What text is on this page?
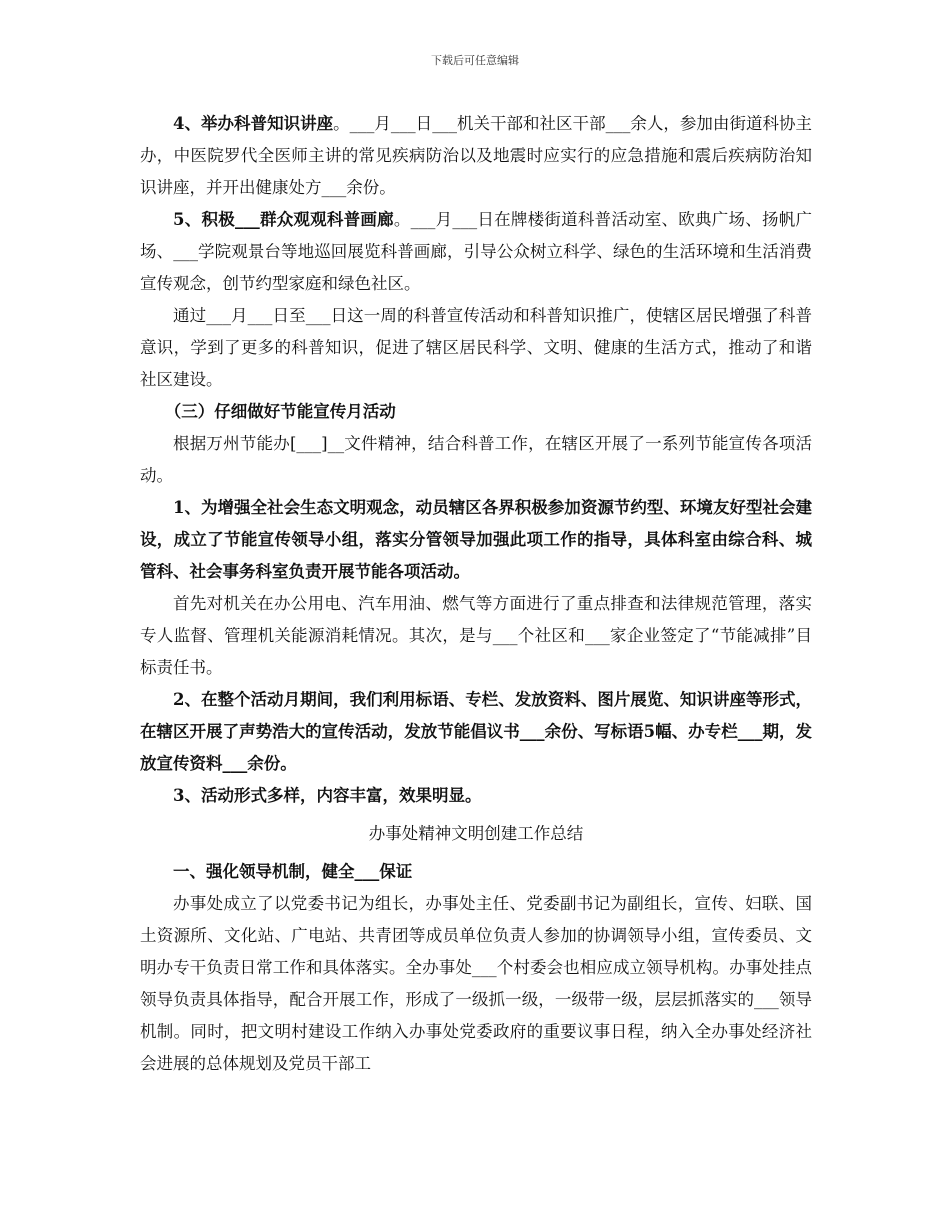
下载后可任意编辑

4、举办科普知识讲座。___月___日___机关干部和社区干部___余人，参加由街道科协主办，中医院罗代全医师主讲的常见疾病防治以及地震时应实行的应急措施和震后疾病防治知识讲座，并开出健康处方___余份。

5、积极___群众观观科普画廊。___月___日在牌楼街道科普活动室、欧典广场、扬帆广场、___学院观景台等地巡回展览科普画廊，引导公众树立科学、绿色的生活环境和生活消费宣传观念，创节约型家庭和绿色社区。

通过___月___日至___日这一周的科普宣传活动和科普知识推广，使辖区居民增强了科普意识，学到了更多的科普知识，促进了辖区居民科学、文明、健康的生活方式，推动了和谐社区建设。

（三）仔细做好节能宣传月活动

根据万州节能办[___]__文件精神，结合科普工作，在辖区开展了一系列节能宣传各项活动。

1、为增强全社会生态文明观念，动员辖区各界积极参加资源节约型、环境友好型社会建设，成立了节能宣传领导小组，落实分管领导加强此项工作的指导，具体科室由综合科、城管科、社会事务科室负责开展节能各项活动。

首先对机关在办公用电、汽车用油、燃气等方面进行了重点排查和法律规范管理，落实专人监督、管理机关能源消耗情况。其次，是与___个社区和___家企业签定了“节能减排”目标责任书。

2、在整个活动月期间，我们利用标语、专栏、发放资料、图片展览、知识讲座等形式，在辖区开展了声势浩大的宣传活动，发放节能倡议书___余份、写标语5幅、办专栏___期，发放宣传资料___余份。

3、活动形式多样，内容丰富，效果明显。

办事处精神文明创建工作总结

一、强化领导机制，健全___保证

办事处成立了以党委书记为组长，办事处主任、党委副书记为副组长，宣传、妇联、国土资源所、文化站、广电站、共青团等成员单位负责人参加的协调领导小组，宣传委员、文明办专干负责日常工作和具体落实。全办事处___个村委会也相应成立领导机构。办事处挂点领导负责具体指导，配合开展工作，形成了一级抓一级，一级带一级，层层抓落实的___领导机制。同时，把文明村建设工作纳入办事处党委政府的重要议事日程，纳入全办事处经济社会进展的总体规划及党员干部工
